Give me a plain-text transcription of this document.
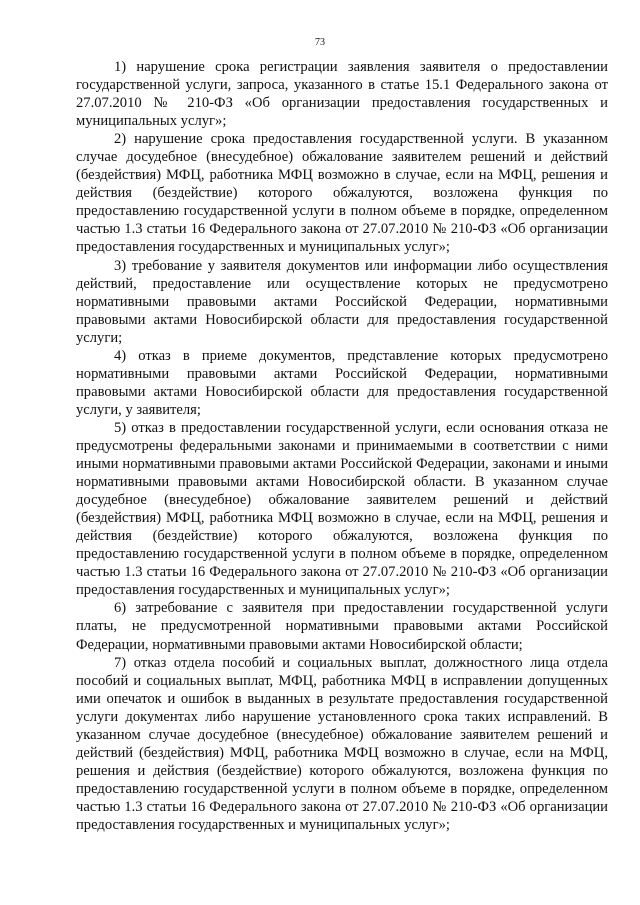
73

1) нарушение срока регистрации заявления заявителя о предоставлении государственной услуги, запроса, указанного в статье 15.1 Федерального закона от 27.07.2010 № 210-ФЗ «Об организации предоставления государственных и муниципальных услуг»;

2) нарушение срока предоставления государственной услуги. В указанном случае досудебное (внесудебное) обжалование заявителем решений и действий (бездействия) МФЦ, работника МФЦ возможно в случае, если на МФЦ, решения и действия (бездействие) которого обжалуются, возложена функция по предоставлению государственной услуги в полном объеме в порядке, определенном частью 1.3 статьи 16 Федерального закона от 27.07.2010 № 210-ФЗ «Об организации предоставления государственных и муниципальных услуг»;

3) требование у заявителя документов или информации либо осуществления действий, предоставление или осуществление которых не предусмотрено нормативными правовыми актами Российской Федерации, нормативными правовыми актами Новосибирской области для предоставления государственной услуги;

4) отказ в приеме документов, представление которых предусмотрено нормативными правовыми актами Российской Федерации, нормативными правовыми актами Новосибирской области для предоставления государственной услуги, у заявителя;

5) отказ в предоставлении государственной услуги, если основания отказа не предусмотрены федеральными законами и принимаемыми в соответствии с ними иными нормативными правовыми актами Российской Федерации, законами и иными нормативными правовыми актами Новосибирской области. В указанном случае досудебное (внесудебное) обжалование заявителем решений и действий (бездействия) МФЦ, работника МФЦ возможно в случае, если на МФЦ, решения и действия (бездействие) которого обжалуются, возложена функция по предоставлению государственной услуги в полном объеме в порядке, определенном частью 1.3 статьи 16 Федерального закона от 27.07.2010 № 210-ФЗ «Об организации предоставления государственных и муниципальных услуг»;

6) затребование с заявителя при предоставлении государственной услуги платы, не предусмотренной нормативными правовыми актами Российской Федерации, нормативными правовыми актами Новосибирской области;

7) отказ отдела пособий и социальных выплат, должностного лица отдела пособий и социальных выплат, МФЦ, работника МФЦ в исправлении допущенных ими опечаток и ошибок в выданных в результате предоставления государственной услуги документах либо нарушение установленного срока таких исправлений. В указанном случае досудебное (внесудебное) обжалование заявителем решений и действий (бездействия) МФЦ, работника МФЦ возможно в случае, если на МФЦ, решения и действия (бездействие) которого обжалуются, возложена функция по предоставлению государственной услуги в полном объеме в порядке, определенном частью 1.3 статьи 16 Федерального закона от 27.07.2010 № 210-ФЗ «Об организации предоставления государственных и муниципальных услуг»;
